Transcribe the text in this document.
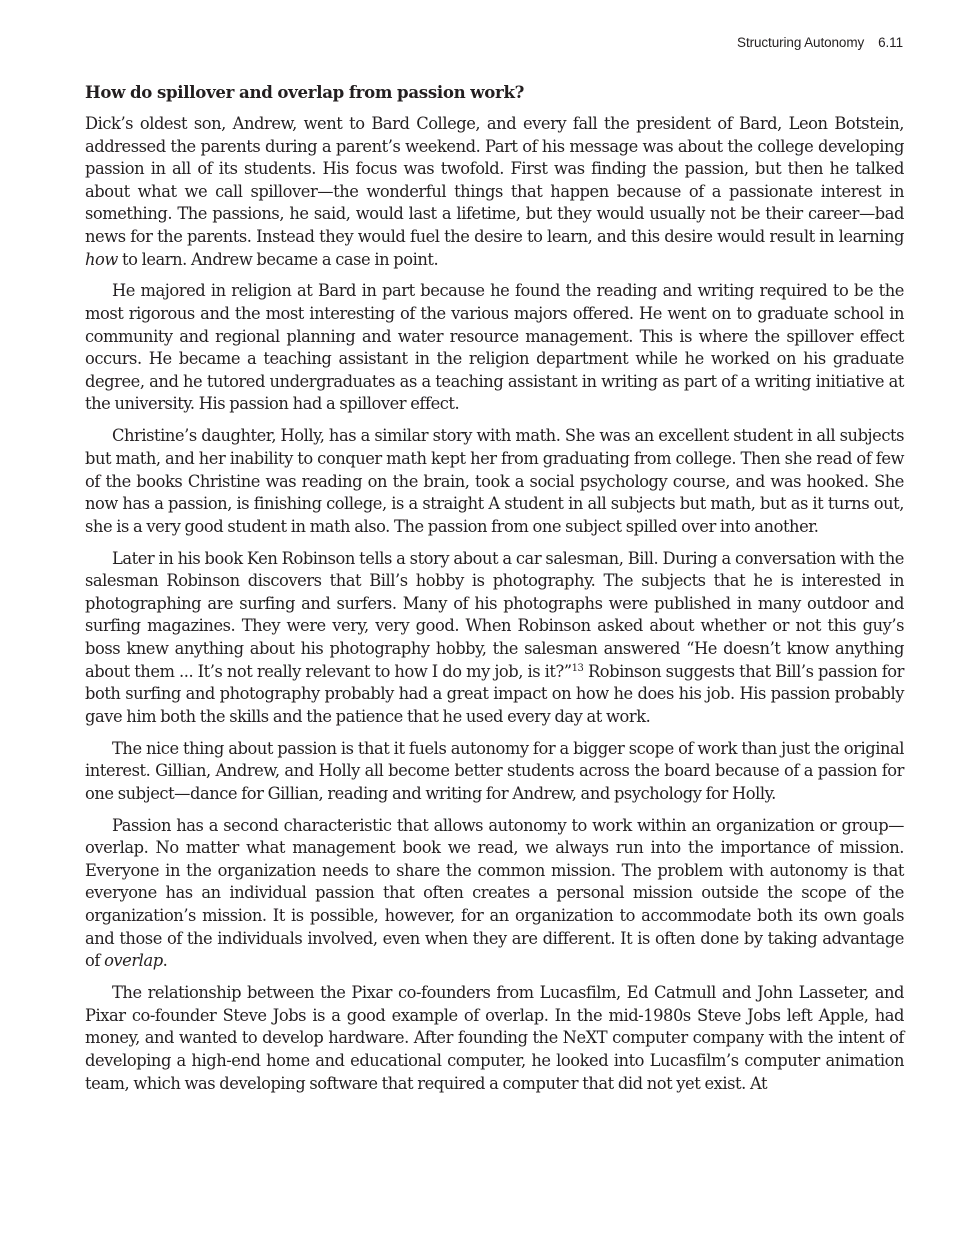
Structuring Autonomy 6.11
How do spillover and overlap from passion work?

Dick’s oldest son, Andrew, went to Bard College, and every fall the president of Bard, Leon Botstein, addressed the parents during a parent’s weekend. Part of his message was about the college developing passion in all of its students. His focus was twofold. First was finding the passion, but then he talked about what we call spillover—the wonderful things that happen because of a passionate interest in something. The passions, he said, would last a lifetime, but they would usually not be their career—bad news for the parents. Instead they would fuel the desire to learn, and this desire would result in learning how to learn. Andrew became a case in point.

He majored in religion at Bard in part because he found the reading and writing required to be the most rigorous and the most interesting of the various majors offered. He went on to graduate school in community and regional planning and water resource management. This is where the spillover effect occurs. He became a teaching assistant in the religion department while he worked on his graduate degree, and he tutored undergraduates as a teaching assistant in writing as part of a writing initiative at the university. His passion had a spillover effect.

Christine’s daughter, Holly, has a similar story with math. She was an excellent student in all subjects but math, and her inability to conquer math kept her from graduating from college. Then she read of few of the books Christine was reading on the brain, took a social psychology course, and was hooked. She now has a passion, is finishing college, is a straight A student in all subjects but math, but as it turns out, she is a very good student in math also. The passion from one subject spilled over into another.

Later in his book Ken Robinson tells a story about a car salesman, Bill. During a conversation with the salesman Robinson discovers that Bill’s hobby is photography. The subjects that he is interested in photographing are surfing and surfers. Many of his photographs were published in many outdoor and surfing magazines. They were very, very good. When Robinson asked about whether or not this guy’s boss knew anything about his photography hobby, the salesman answered “He doesn’t know anything about them ... It’s not really relevant to how I do my job, is it?”$^{13}$ Robinson suggests that Bill’s passion for both surfing and photography probably had a great impact on how he does his job. His passion probably gave him both the skills and the patience that he used every day at work.

The nice thing about passion is that it fuels autonomy for a bigger scope of work than just the original interest. Gillian, Andrew, and Holly all become better students across the board because of a passion for one subject—dance for Gillian, reading and writing for Andrew, and psychology for Holly.

Passion has a second characteristic that allows autonomy to work within an organization or group—overlap. No matter what management book we read, we always run into the importance of mission. Everyone in the organization needs to share the common mission. The problem with autonomy is that everyone has an individual passion that often creates a personal mission outside the scope of the organization’s mission. It is possible, however, for an organization to accommodate both its own goals and those of the individuals involved, even when they are different. It is often done by taking advantage of overlap.

The relationship between the Pixar co-founders from Lucasfilm, Ed Catmull and John Lasseter, and Pixar co-founder Steve Jobs is a good example of overlap. In the mid-1980s Steve Jobs left Apple, had money, and wanted to develop hardware. After founding the NeXT computer company with the intent of developing a high-end home and educational computer, he looked into Lucasfilm’s computer animation team, which was developing software that required a computer that did not yet exist. At
